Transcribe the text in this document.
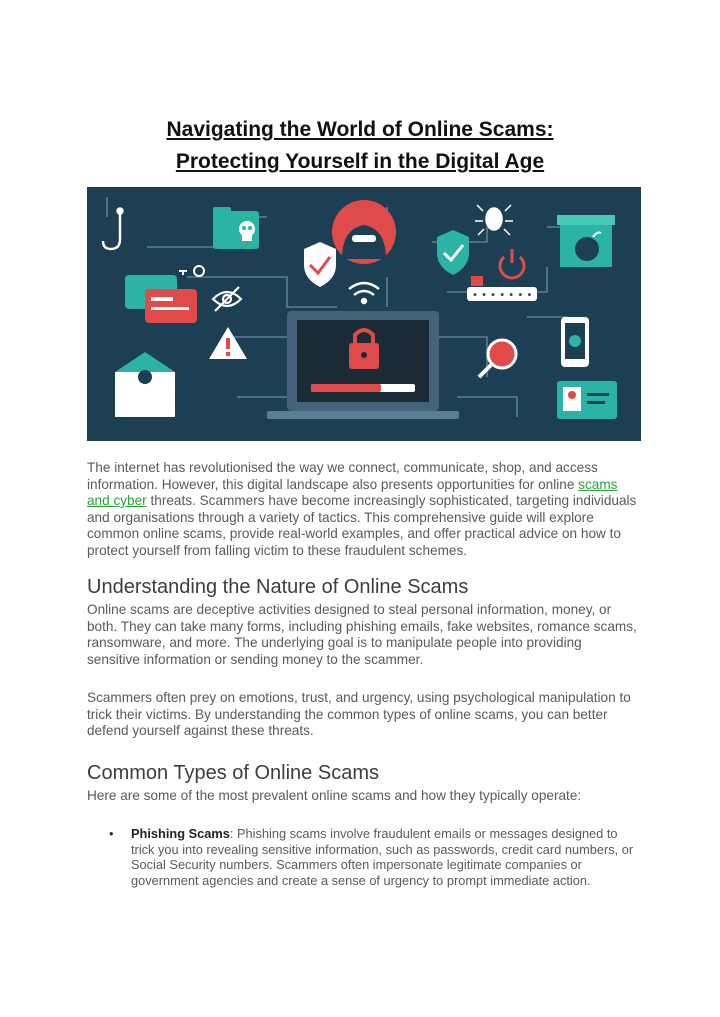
Navigating the World of Online Scams:
Protecting Yourself in the Digital Age
• • • • • • •

The internet has revolutionised the way we connect, communicate, shop, and access information. However, this digital landscape also presents opportunities for online scams and cyber threats. Scammers have become increasingly sophisticated, targeting individuals and organisations through a variety of tactics. This comprehensive guide will explore common online scams, provide real-world examples, and offer practical advice on how to protect yourself from falling victim to these fraudulent schemes.

Understanding the Nature of Online Scams

Online scams are deceptive activities designed to steal personal information, money, or both. They can take many forms, including phishing emails, fake websites, romance scams, ransomware, and more. The underlying goal is to manipulate people into providing sensitive information or sending money to the scammer.

Scammers often prey on emotions, trust, and urgency, using psychological manipulation to trick their victims. By understanding the common types of online scams, you can better defend yourself against these threats.

Common Types of Online Scams

Here are some of the most prevalent online scams and how they typically operate:

• Phishing Scams: Phishing scams involve fraudulent emails or messages designed to trick you into revealing sensitive information, such as passwords, credit card numbers, or Social Security numbers. Scammers often impersonate legitimate companies or government agencies and create a sense of urgency to prompt immediate action.
